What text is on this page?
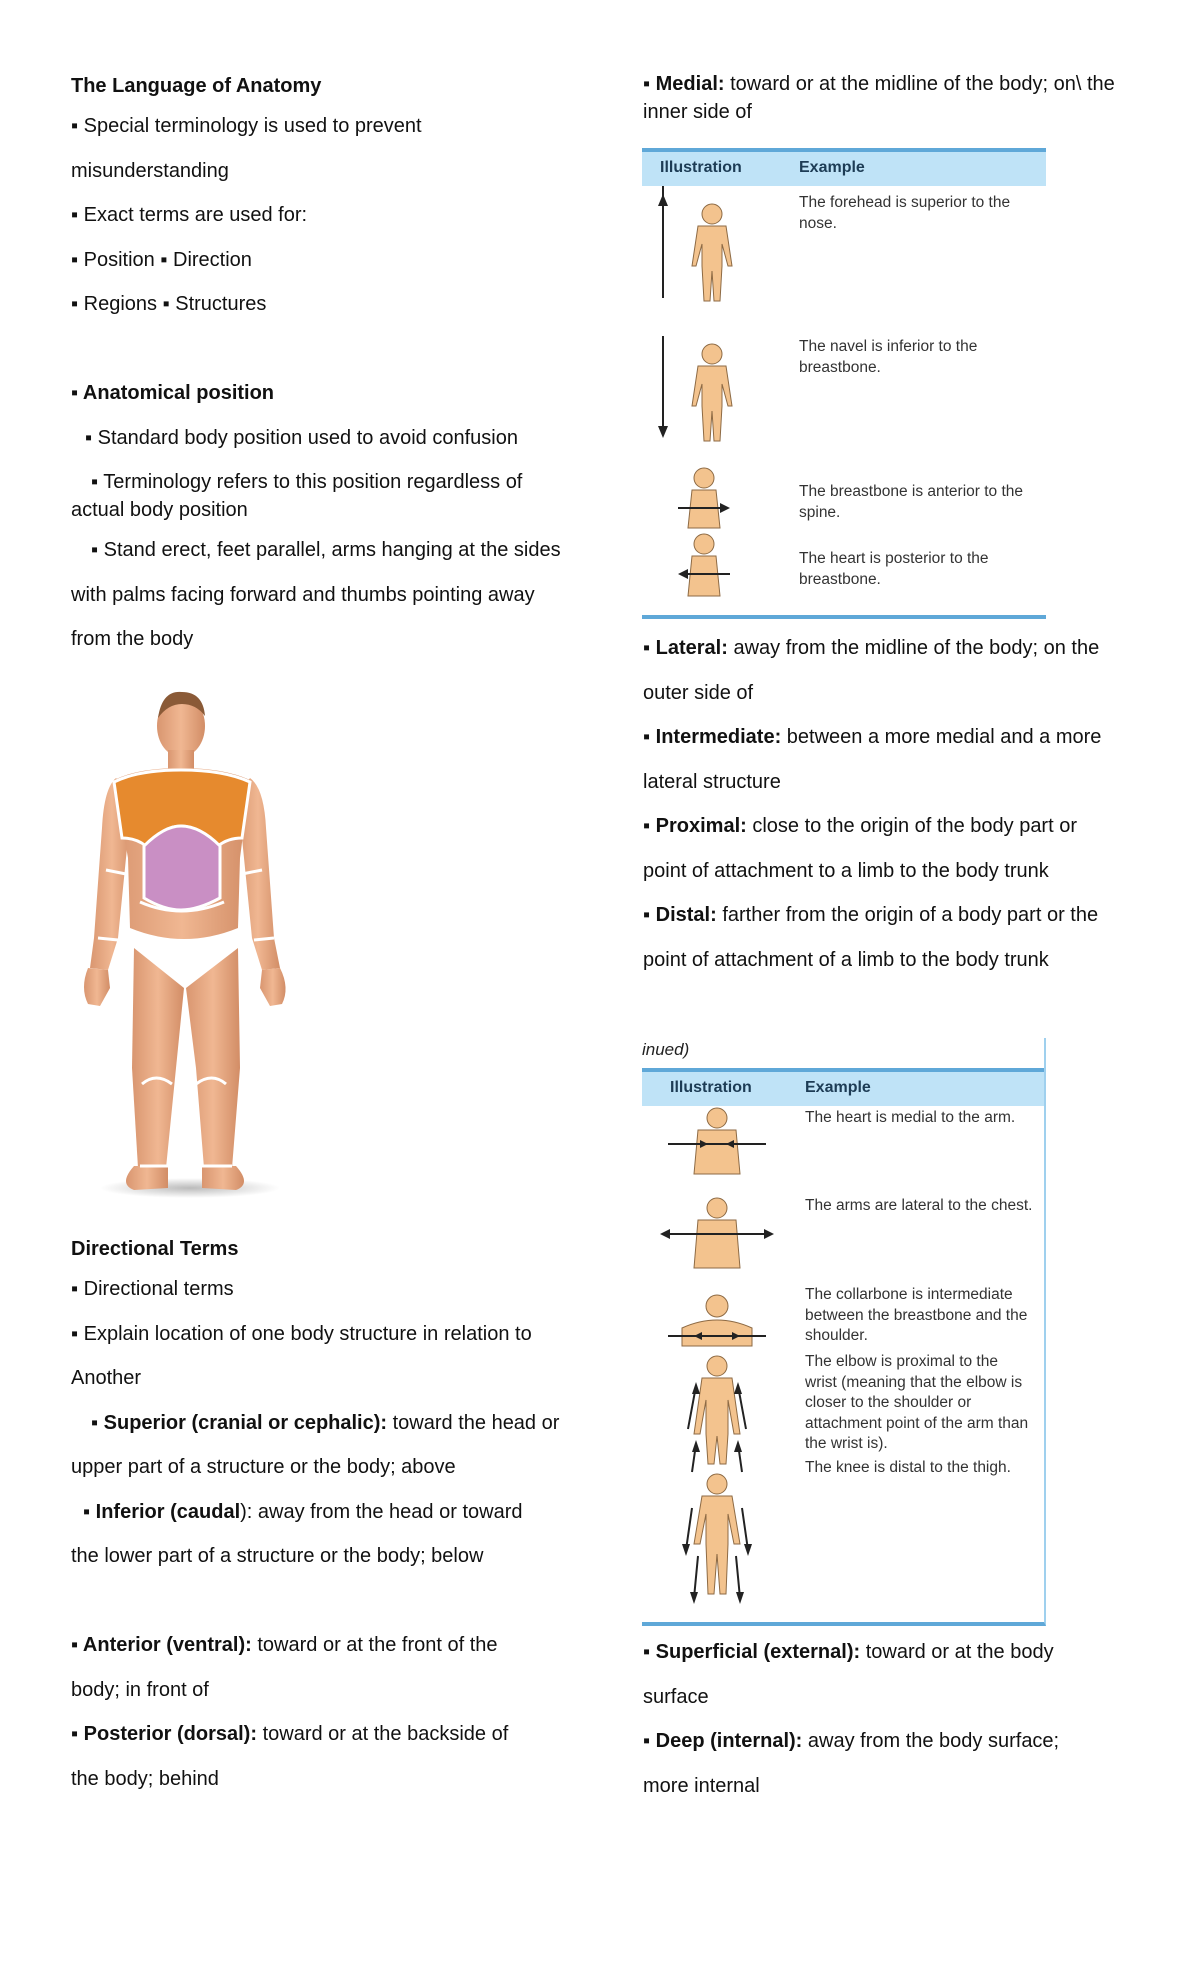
The Language of Anatomy
▪ Special terminology is used to prevent
misunderstanding
▪ Exact terms are used for:
▪ Position ▪ Direction
▪ Regions ▪ Structures
▪ Anatomical position
▪ Standard body position used to avoid confusion
▪ Terminology refers to this position regardless of
actual body position
▪ Stand erect, feet parallel, arms hanging at the sides
with palms facing forward and thumbs pointing away
from the body
Directional Terms
▪ Directional terms
▪ Explain location of one body structure in relation to
Another
▪ Superior (cranial or cephalic): toward the head or
upper part of a structure or the body; above
▪ Inferior (caudal): away from the head or toward
the lower part of a structure or the body; below
▪ Anterior (ventral): toward or at the front of the
body; in front of
▪ Posterior (dorsal): toward or at the backside of
the body; behind
▪ Medial: toward or at the midline of the body; on\ the inner side of
Illustration	Example
The forehead is superior to the nose.
The navel is inferior to the breastbone.
The breastbone is anterior to the spine.
The heart is posterior to the breastbone.
▪ Lateral: away from the midline of the body; on the
outer side of
▪ Intermediate: between a more medial and a more
lateral structure
▪ Proximal: close to the origin of the body part or
point of attachment to a limb to the body trunk
▪ Distal: farther from the origin of a body part or the
point of attachment of a limb to the body trunk
inued)
Illustration	Example
The heart is medial to the arm.
The arms are lateral to the chest.
The collarbone is intermediate between the breastbone and the shoulder.
The elbow is proximal to the wrist (meaning that the elbow is closer to the shoulder or attachment point of the arm than the wrist is).
The knee is distal to the thigh.
▪ Superficial (external): toward or at the body
surface
▪ Deep (internal): away from the body surface;
more internal
